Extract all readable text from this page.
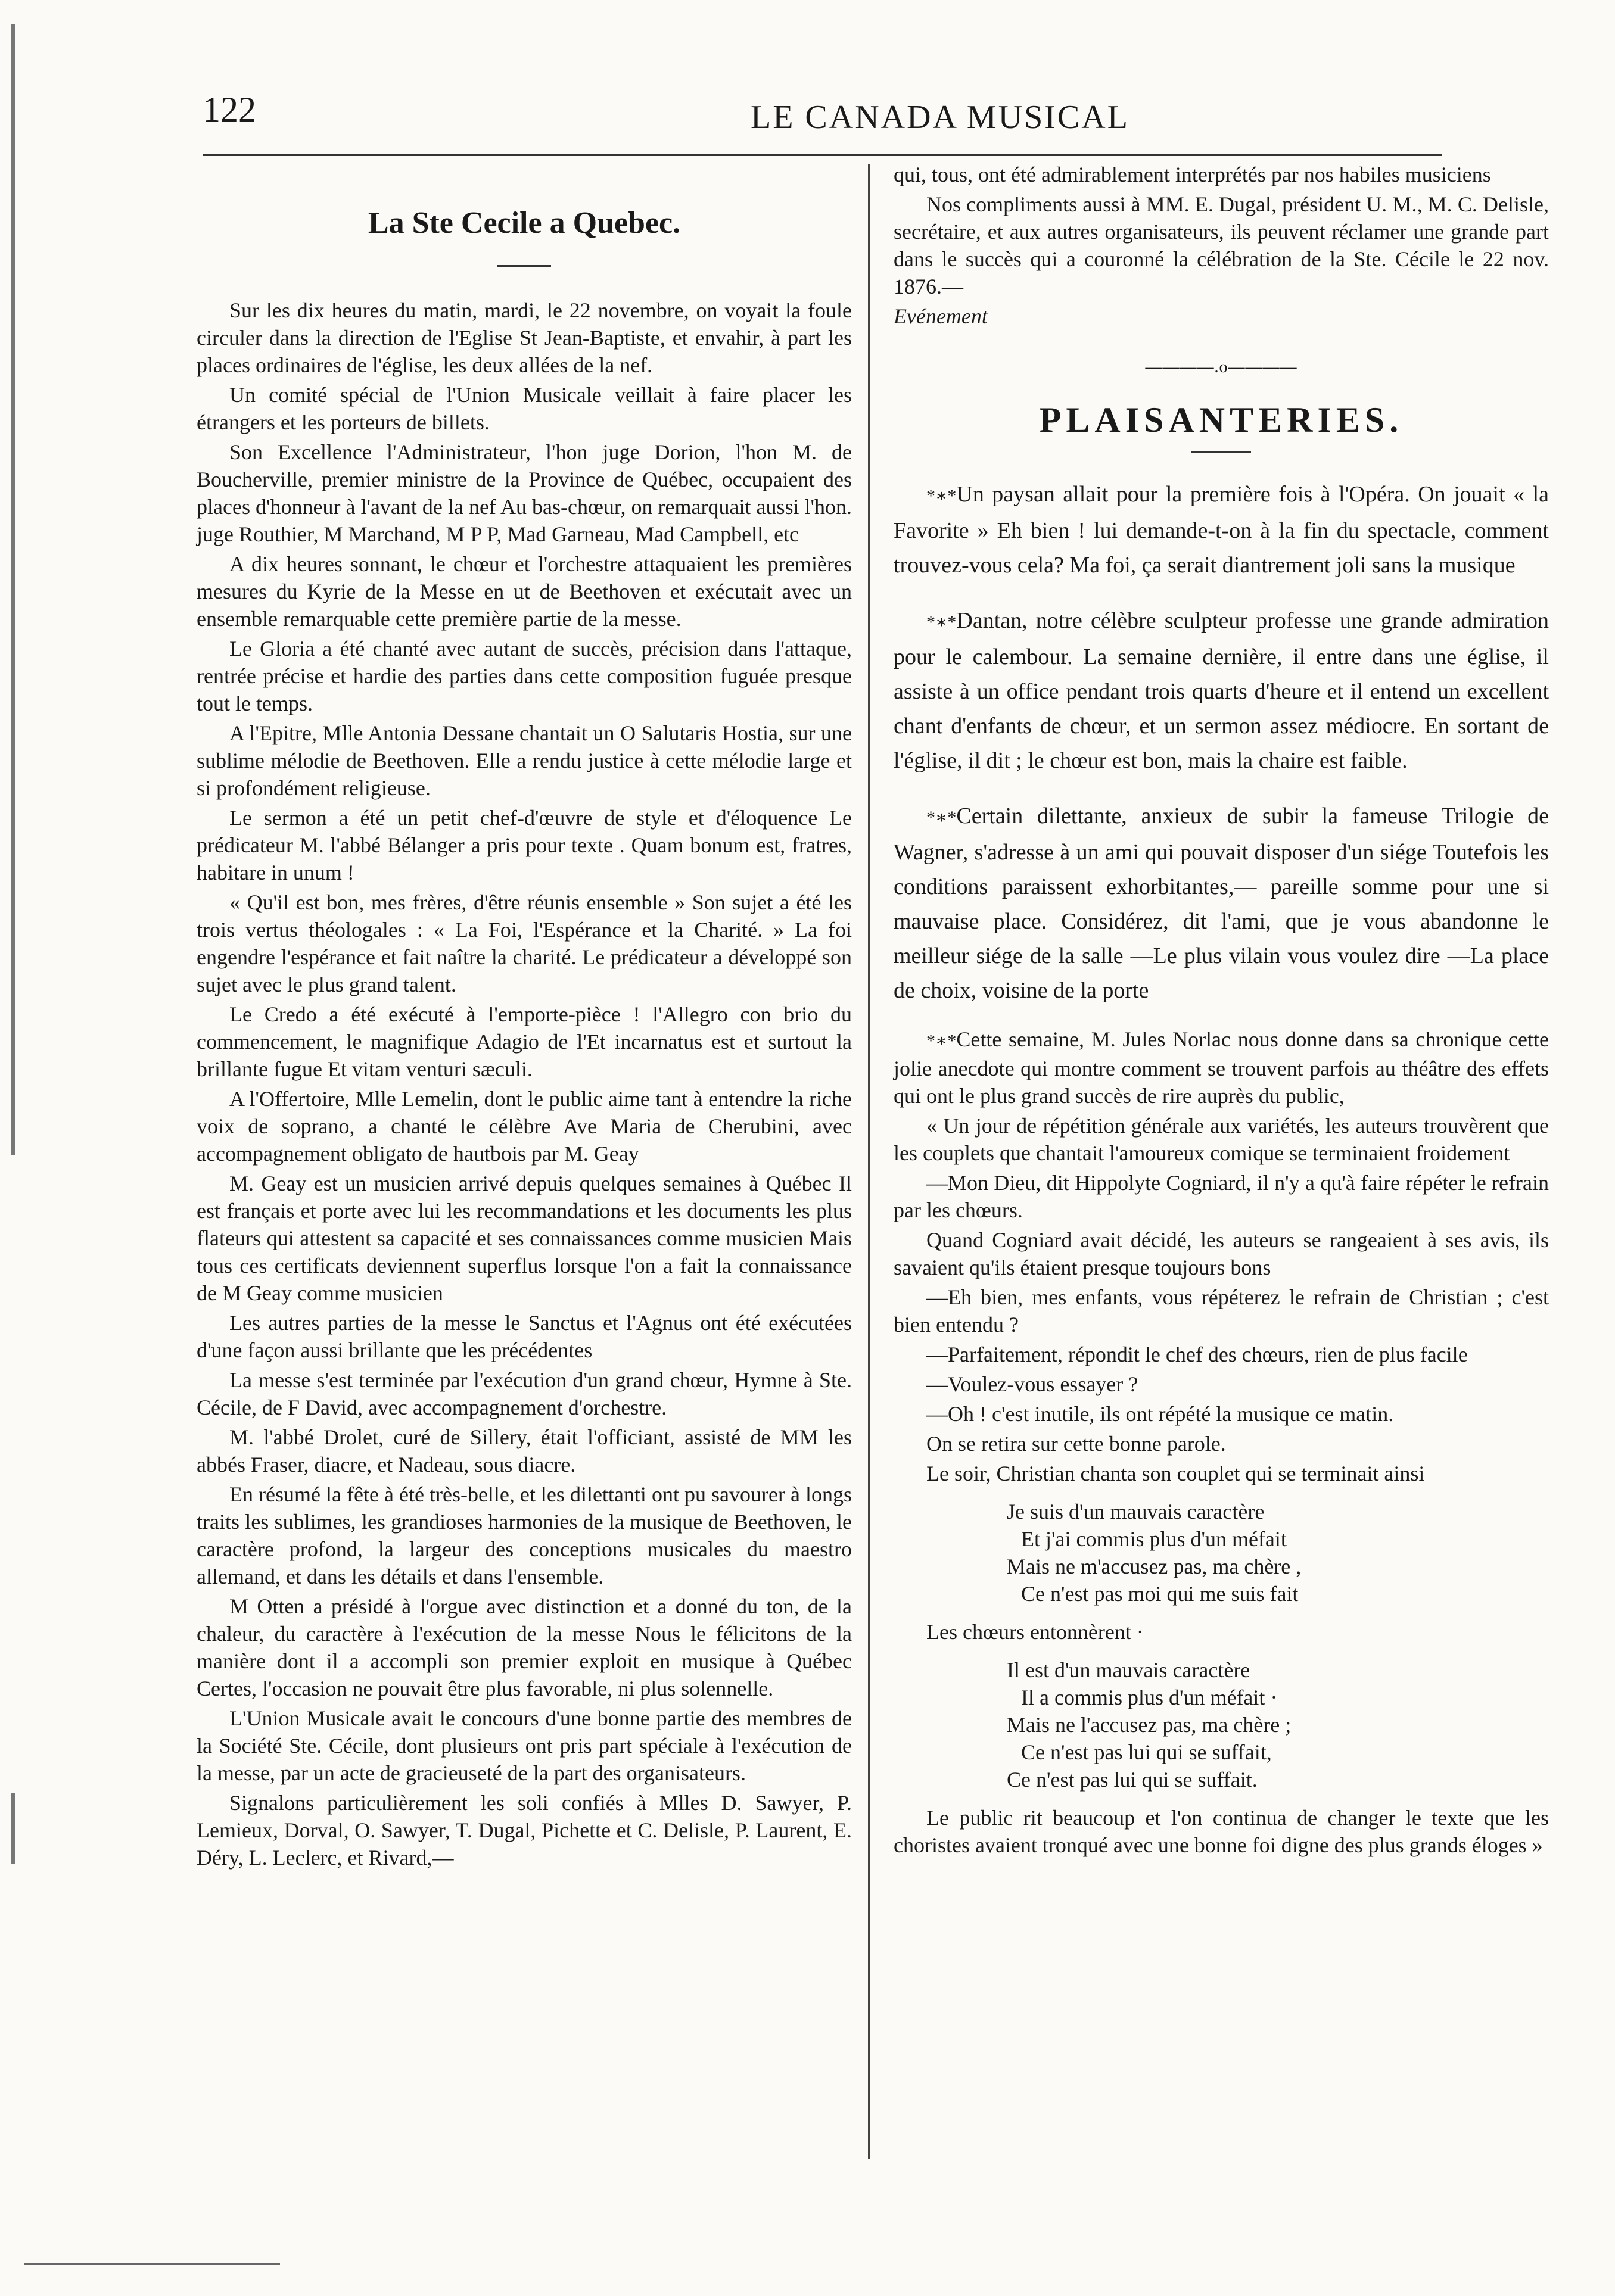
122	LE CANADA MUSICAL
La Ste Cecile a Quebec.

Sur les dix heures du matin, mardi, le 22 novembre, on voyait la foule circuler dans la direction de l'Eglise St Jean-Baptiste, et envahir, à part les places ordinaires de l'église, les deux allées de la nef.

Un comité spécial de l'Union Musicale veillait à faire placer les étrangers et les porteurs de billets.

Son Excellence l'Administrateur, l'hon juge Dorion, l'hon M. de Boucherville, premier ministre de la Province de Québec, occupaient des places d'honneur à l'avant de la nef Au bas-chœur, on remarquait aussi l'hon. juge Routhier, M Marchand, M P P, Mad Garneau, Mad Campbell, etc

A dix heures sonnant, le chœur et l'orchestre attaquaient les premières mesures du Kyrie de la Messe en ut de Beethoven et exécutait avec un ensemble remarquable cette première partie de la messe.

Le Gloria a été chanté avec autant de succès, précision dans l'attaque, rentrée précise et hardie des parties dans cette composition fuguée presque tout le temps.

A l'Epitre, Mlle Antonia Dessane chantait un O Salutaris Hostia, sur une sublime mélodie de Beethoven. Elle a rendu justice à cette mélodie large et si profondément religieuse.

Le sermon a été un petit chef-d'œuvre de style et d'éloquence Le prédicateur M. l'abbé Bélanger a pris pour texte . Quam bonum est, fratres, habitare in unum !

« Qu'il est bon, mes frères, d'être réunis ensemble » Son sujet a été les trois vertus théologales : « La Foi, l'Espérance et la Charité. » La foi engendre l'espérance et fait naître la charité. Le prédicateur a développé son sujet avec le plus grand talent.

Le Credo a été exécuté à l'emporte-pièce ! l'Allegro con brio du commencement, le magnifique Adagio de l'Et incarnatus est et surtout la brillante fugue Et vitam venturi sæculi.

A l'Offertoire, Mlle Lemelin, dont le public aime tant à entendre la riche voix de soprano, a chanté le célèbre Ave Maria de Cherubini, avec accompagnement obligato de hautbois par M. Geay

M. Geay est un musicien arrivé depuis quelques semaines à Québec Il est français et porte avec lui les recommandations et les documents les plus flateurs qui attestent sa capacité et ses connaissances comme musicien Mais tous ces certificats deviennent superflus lorsque l'on a fait la connaissance de M Geay comme musicien

Les autres parties de la messe le Sanctus et l'Agnus ont été exécutées d'une façon aussi brillante que les précédentes

La messe s'est terminée par l'exécution d'un grand chœur, Hymne à Ste. Cécile, de F David, avec accompagnement d'orchestre.

M. l'abbé Drolet, curé de Sillery, était l'officiant, assisté de MM les abbés Fraser, diacre, et Nadeau, sous diacre.

En résumé la fête à été très-belle, et les dilettanti ont pu savourer à longs traits les sublimes, les grandioses harmonies de la musique de Beethoven, le caractère profond, la largeur des conceptions musicales du maestro allemand, et dans les détails et dans l'ensemble.

M Otten a présidé à l'orgue avec distinction et a donné du ton, de la chaleur, du caractère à l'exécution de la messe Nous le félicitons de la manière dont il a accompli son premier exploit en musique à Québec Certes, l'occasion ne pouvait être plus favorable, ni plus solennelle.

L'Union Musicale avait le concours d'une bonne partie des membres de la Société Ste. Cécile, dont plusieurs ont pris part spéciale à l'exécution de la messe, par un acte de gracieuseté de la part des organisateurs.

Signalons particulièrement les soli confiés à Mlles D. Sawyer, P. Lemieux, Dorval, O. Sawyer, T. Dugal, Pichette et C. Delisle, P. Laurent, E. Déry, L. Leclerc, et Rivard,—

qui, tous, ont été admirablement interprétés par nos habiles musiciens

Nos compliments aussi à MM. E. Dugal, président U. M., M. C. Delisle, secrétaire, et aux autres organisateurs, ils peuvent réclamer une grande part dans le succès qui a couronné la célébration de la Ste. Cécile le 22 nov. 1876.—

Evénement

————.o————
PLAISANTERIES.

*∗*Un paysan allait pour la première fois à l'Opéra. On jouait « la Favorite » Eh bien ! lui demande-t-on à la fin du spectacle, comment trouvez-vous cela? Ma foi, ça serait diantrement joli sans la musique

*∗*Dantan, notre célèbre sculpteur professe une grande admiration pour le calembour. La semaine dernière, il entre dans une église, il assiste à un office pendant trois quarts d'heure et il entend un excellent chant d'enfants de chœur, et un sermon assez médiocre. En sortant de l'église, il dit ; le chœur est bon, mais la chaire est faible.

*∗*Certain dilettante, anxieux de subir la fameuse Trilogie de Wagner, s'adresse à un ami qui pouvait disposer d'un siége Toutefois les conditions paraissent exhorbitantes,— pareille somme pour une si mauvaise place. Considérez, dit l'ami, que je vous abandonne le meilleur siége de la salle —Le plus vilain vous voulez dire —La place de choix, voisine de la porte

*∗*Cette semaine, M. Jules Norlac nous donne dans sa chronique cette jolie anecdote qui montre comment se trouvent parfois au théâtre des effets qui ont le plus grand succès de rire auprès du public,

« Un jour de répétition générale aux variétés, les auteurs trouvèrent que les couplets que chantait l'amoureux comique se terminaient froidement

—Mon Dieu, dit Hippolyte Cogniard, il n'y a qu'à faire répéter le refrain par les chœurs.

Quand Cogniard avait décidé, les auteurs se rangeaient à ses avis, ils savaient qu'ils étaient presque toujours bons

—Eh bien, mes enfants, vous répéterez le refrain de Christian ; c'est bien entendu ?

—Parfaitement, répondit le chef des chœurs, rien de plus facile

—Voulez-vous essayer ?

—Oh ! c'est inutile, ils ont répété la musique ce matin.

On se retira sur cette bonne parole.

Le soir, Christian chanta son couplet qui se terminait ainsi

Je suis d'un mauvais caractère
Et j'ai commis plus d'un méfait
Mais ne m'accusez pas, ma chère ,
Ce n'est pas moi qui me suis fait

Les chœurs entonnèrent ·

Il est d'un mauvais caractère
Il a commis plus d'un méfait ·
Mais ne l'accusez pas, ma chère ;
Ce n'est pas lui qui se suffait,
Ce n'est pas lui qui se suffait.

Le public rit beaucoup et l'on continua de changer le texte que les choristes avaient tronqué avec une bonne foi digne des plus grands éloges »
